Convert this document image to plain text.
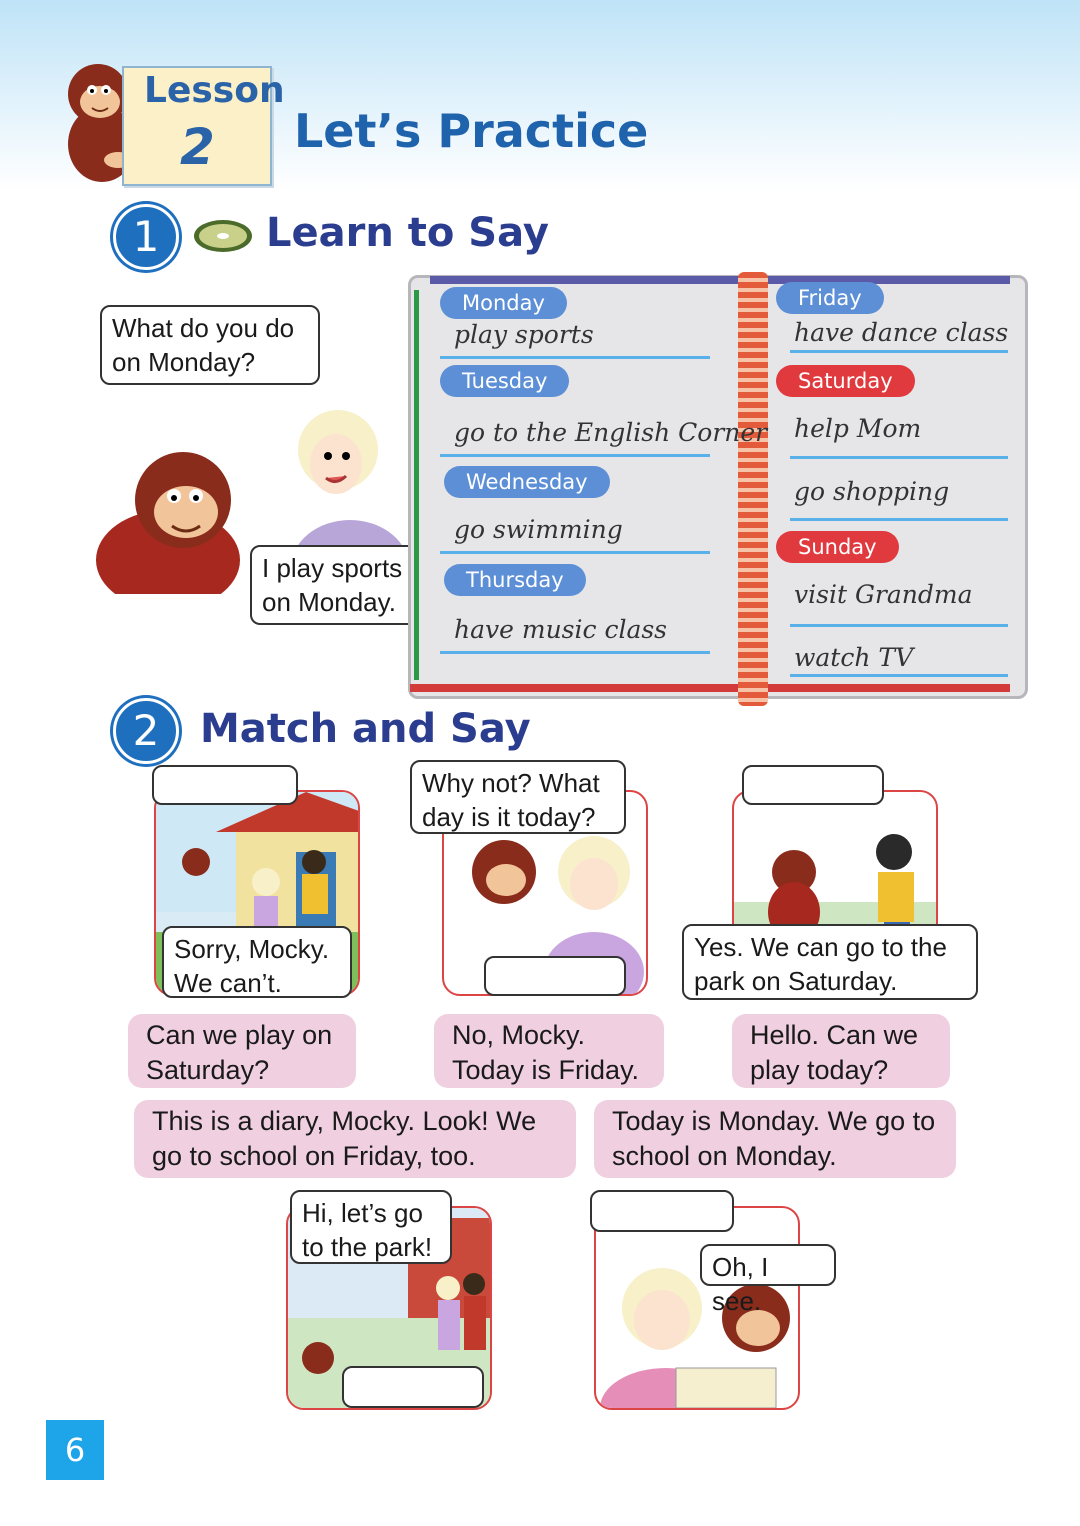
Lesson
2 Let’s Practice
1	Learn to Say
What do you do on Monday?
I play sports on Monday.
Monday
play sports
Tuesday
go to the English Corner
Wednesday
go swimming
Thursday
have music class
Friday
have dance class
Saturday
help Mom
go shopping
Sunday
visit Grandma
watch TV
2	Match and Say
Sorry, Mocky. We can’t.
Why not? What day is it today?
Yes. We can go to the park on Saturday.
Can we play on Saturday?
No, Mocky. Today is Friday.
Hello. Can we play today?
This is a diary, Mocky. Look! We go to school on Friday, too.
Today is Monday. We go to school on Monday.
Hi, let’s go to the park!
Oh, I see.
6
